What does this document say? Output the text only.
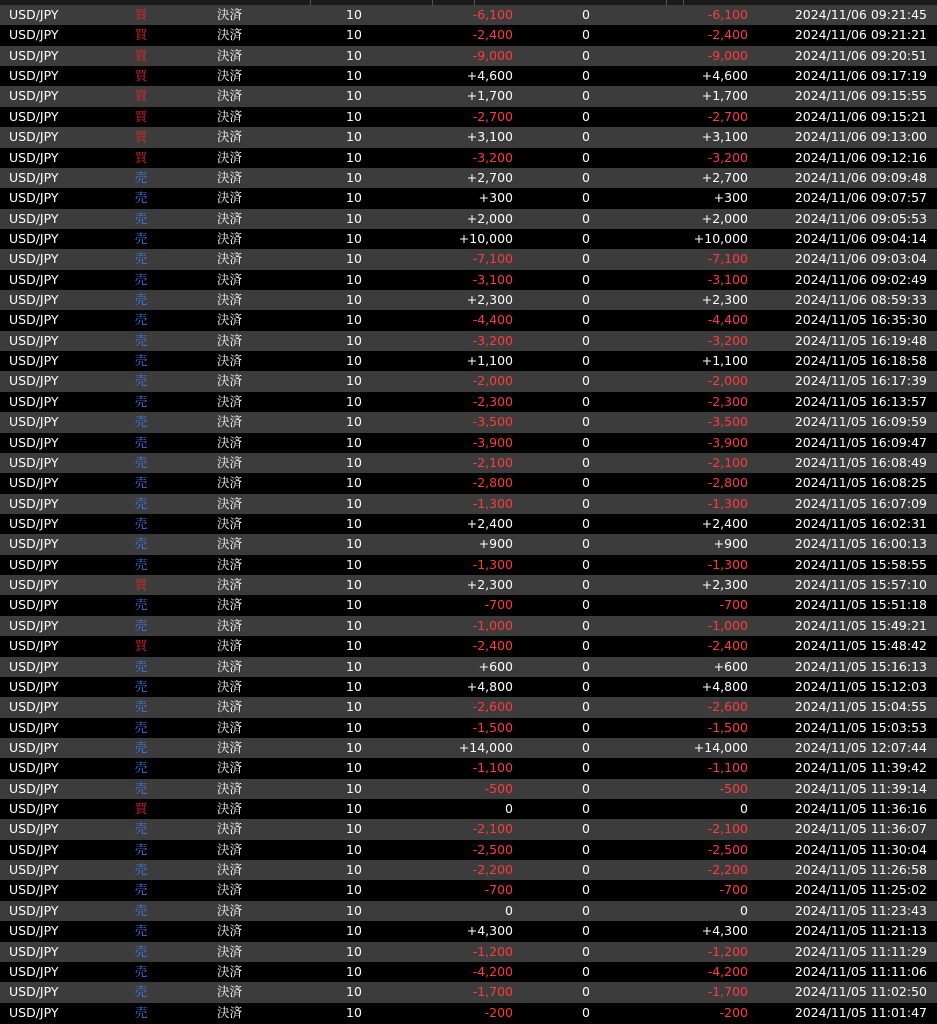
USD/JPY	買	決済	10	-6,100	0	-6,100	2024/11/06 09:21:45
USD/JPY	買	決済	10	-2,400	0	-2,400	2024/11/06 09:21:21
USD/JPY	買	決済	10	-9,000	0	-9,000	2024/11/06 09:20:51
USD/JPY	買	決済	10	+4,600	0	+4,600	2024/11/06 09:17:19
USD/JPY	買	決済	10	+1,700	0	+1,700	2024/11/06 09:15:55
USD/JPY	買	決済	10	-2,700	0	-2,700	2024/11/06 09:15:21
USD/JPY	買	決済	10	+3,100	0	+3,100	2024/11/06 09:13:00
USD/JPY	買	決済	10	-3,200	0	-3,200	2024/11/06 09:12:16
USD/JPY	売	決済	10	+2,700	0	+2,700	2024/11/06 09:09:48
USD/JPY	売	決済	10	+300	0	+300	2024/11/06 09:07:57
USD/JPY	売	決済	10	+2,000	0	+2,000	2024/11/06 09:05:53
USD/JPY	売	決済	10	+10,000	0	+10,000	2024/11/06 09:04:14
USD/JPY	売	決済	10	-7,100	0	-7,100	2024/11/06 09:03:04
USD/JPY	売	決済	10	-3,100	0	-3,100	2024/11/06 09:02:49
USD/JPY	売	決済	10	+2,300	0	+2,300	2024/11/06 08:59:33
USD/JPY	売	決済	10	-4,400	0	-4,400	2024/11/05 16:35:30
USD/JPY	売	決済	10	-3,200	0	-3,200	2024/11/05 16:19:48
USD/JPY	売	決済	10	+1,100	0	+1,100	2024/11/05 16:18:58
USD/JPY	売	決済	10	-2,000	0	-2,000	2024/11/05 16:17:39
USD/JPY	売	決済	10	-2,300	0	-2,300	2024/11/05 16:13:57
USD/JPY	売	決済	10	-3,500	0	-3,500	2024/11/05 16:09:59
USD/JPY	売	決済	10	-3,900	0	-3,900	2024/11/05 16:09:47
USD/JPY	売	決済	10	-2,100	0	-2,100	2024/11/05 16:08:49
USD/JPY	売	決済	10	-2,800	0	-2,800	2024/11/05 16:08:25
USD/JPY	売	決済	10	-1,300	0	-1,300	2024/11/05 16:07:09
USD/JPY	売	決済	10	+2,400	0	+2,400	2024/11/05 16:02:31
USD/JPY	売	決済	10	+900	0	+900	2024/11/05 16:00:13
USD/JPY	売	決済	10	-1,300	0	-1,300	2024/11/05 15:58:55
USD/JPY	買	決済	10	+2,300	0	+2,300	2024/11/05 15:57:10
USD/JPY	売	決済	10	-700	0	-700	2024/11/05 15:51:18
USD/JPY	売	決済	10	-1,000	0	-1,000	2024/11/05 15:49:21
USD/JPY	買	決済	10	-2,400	0	-2,400	2024/11/05 15:48:42
USD/JPY	売	決済	10	+600	0	+600	2024/11/05 15:16:13
USD/JPY	売	決済	10	+4,800	0	+4,800	2024/11/05 15:12:03
USD/JPY	売	決済	10	-2,600	0	-2,600	2024/11/05 15:04:55
USD/JPY	売	決済	10	-1,500	0	-1,500	2024/11/05 15:03:53
USD/JPY	売	決済	10	+14,000	0	+14,000	2024/11/05 12:07:44
USD/JPY	売	決済	10	-1,100	0	-1,100	2024/11/05 11:39:42
USD/JPY	売	決済	10	-500	0	-500	2024/11/05 11:39:14
USD/JPY	買	決済	10	0	0	0	2024/11/05 11:36:16
USD/JPY	売	決済	10	-2,100	0	-2,100	2024/11/05 11:36:07
USD/JPY	売	決済	10	-2,500	0	-2,500	2024/11/05 11:30:04
USD/JPY	売	決済	10	-2,200	0	-2,200	2024/11/05 11:26:58
USD/JPY	売	決済	10	-700	0	-700	2024/11/05 11:25:02
USD/JPY	売	決済	10	0	0	0	2024/11/05 11:23:43
USD/JPY	売	決済	10	+4,300	0	+4,300	2024/11/05 11:21:13
USD/JPY	売	決済	10	-1,200	0	-1,200	2024/11/05 11:11:29
USD/JPY	売	決済	10	-4,200	0	-4,200	2024/11/05 11:11:06
USD/JPY	売	決済	10	-1,700	0	-1,700	2024/11/05 11:02:50
USD/JPY	売	決済	10	-200	0	-200	2024/11/05 11:01:47
